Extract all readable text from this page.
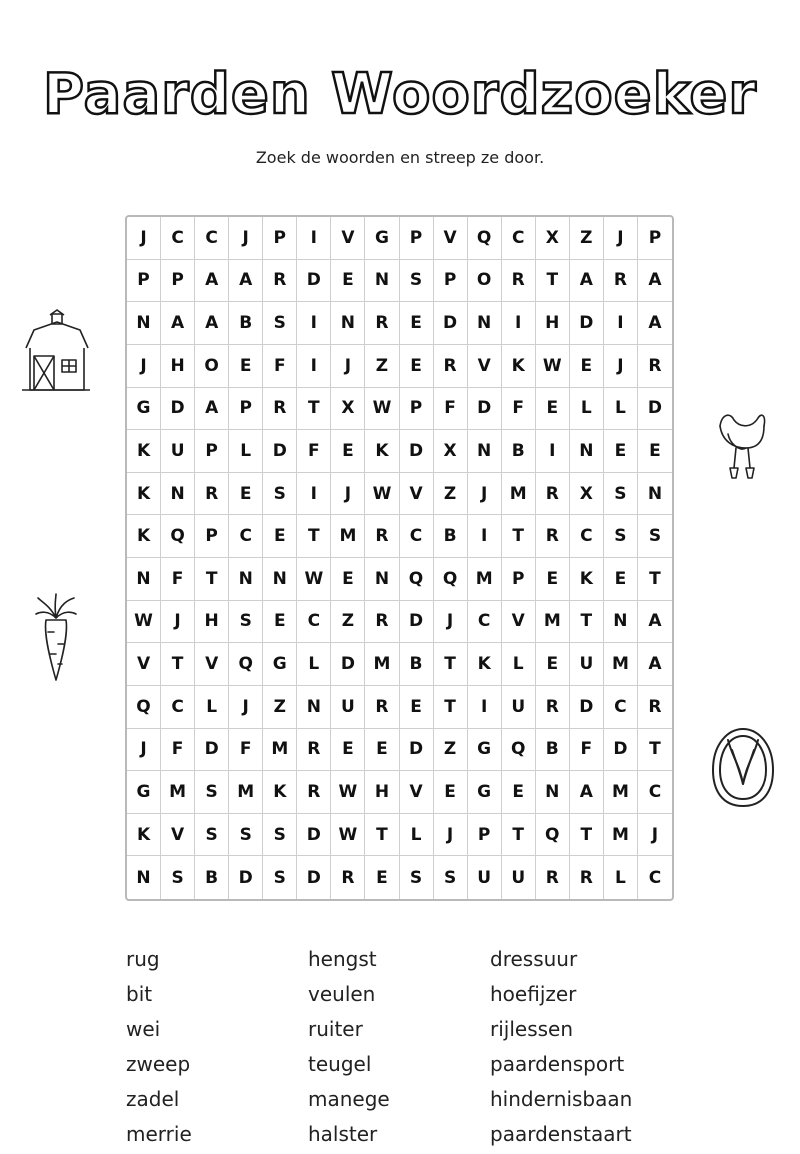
Paarden Woordzoeker
Zoek de woorden en streep ze door.
J	C	C	J	P	I	V	G	P	V	Q	C	X	Z	J	P
P	P	A	A	R	D	E	N	S	P	O	R	T	A	R	A
N	A	A	B	S	I	N	R	E	D	N	I	H	D	I	A
J	H	O	E	F	I	J	Z	E	R	V	K	W	E	J	R
G	D	A	P	R	T	X	W	P	F	D	F	E	L	L	D
K	U	P	L	D	F	E	K	D	X	N	B	I	N	E	E
K	N	R	E	S	I	J	W	V	Z	J	M	R	X	S	N
K	Q	P	C	E	T	M	R	C	B	I	T	R	C	S	S
N	F	T	N	N	W	E	N	Q	Q	M	P	E	K	E	T
W	J	H	S	E	C	Z	R	D	J	C	V	M	T	N	A
V	T	V	Q	G	L	D	M	B	T	K	L	E	U	M	A
Q	C	L	J	Z	N	U	R	E	T	I	U	R	D	C	R
J	F	D	F	M	R	E	E	D	Z	G	Q	B	F	D	T
G	M	S	M	K	R	W	H	V	E	G	E	N	A	M	C
K	V	S	S	S	D	W	T	L	J	P	T	Q	T	M	J
N	S	B	D	S	D	R	E	S	S	U	U	R	R	L	C
rug	hengst	dressuur
bit	veulen	hoefijzer
wei	ruiter	rijlessen
zweep	teugel	paardensport
zadel	manege	hindernisbaan
merrie	halster	paardenstaart
